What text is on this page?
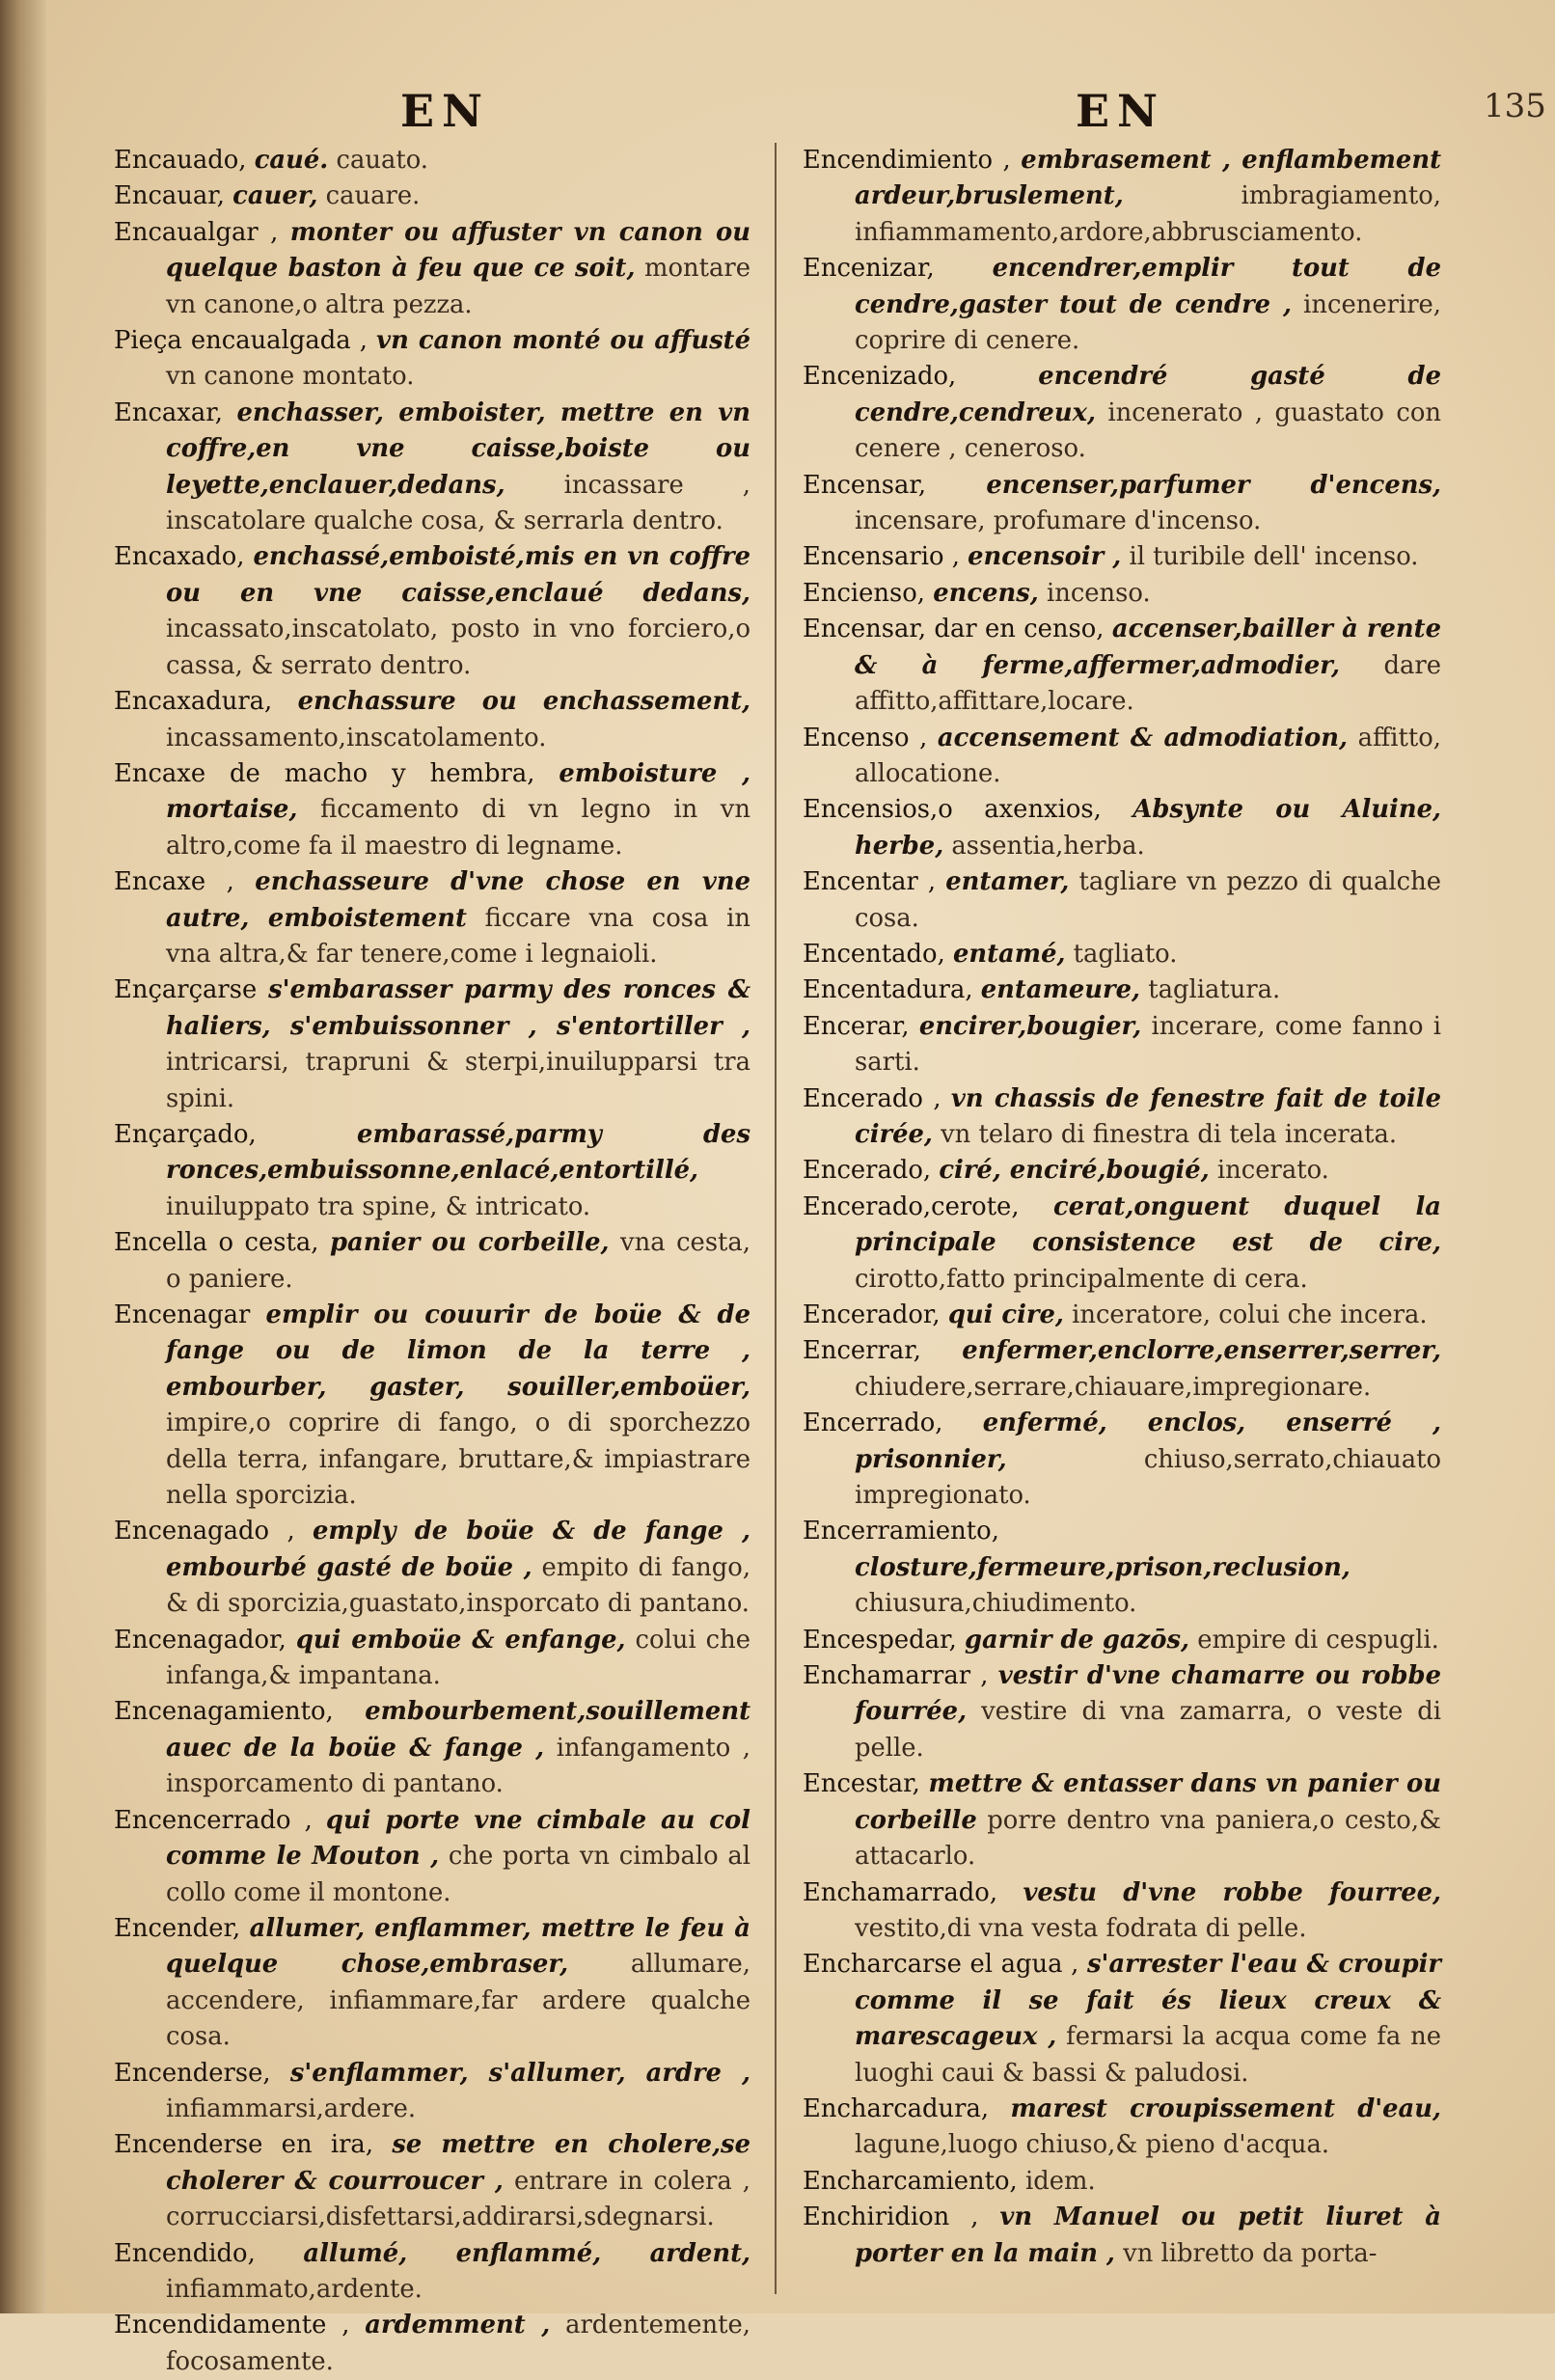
EN	EN	135

Encauado, caué. cauato.

Encauar, cauer, cauare.

Encaualgar , monter ou affuster vn canon ou quelque baston à feu que ce soit, montare vn canone,o altra pezza.

Pieça encaualgada , vn canon monté ou affusté vn canone montato.

Encaxar, enchasser, emboister, mettre en vn coffre,en vne caisse,boiste ou leyette,enclauer,dedans, incassare , inscatolare qualche cosa, & serrarla dentro.

Encaxado, enchassé,emboisté,mis en vn coffre ou en vne caisse,enclaué dedans, incassato,inscatolato, posto in vno forciero,o cassa, & serrato dentro.

Encaxadura, enchassure ou enchassement, incassamento,inscatolamento.

Encaxe de macho y hembra, emboisture , mortaise, ficcamento di vn legno in vn altro,come fa il maestro di legname.

Encaxe , enchasseure d'vne chose en vne autre, emboistement ficcare vna cosa in vna altra,& far tenere,come i legnaioli.

Ençarçarse s'embarasser parmy des ronces & haliers, s'embuissonner , s'entortiller , intricarsi, trapruni & sterpi,inuilupparsi tra spini.

Ençarçado,	embarassé,parmy des ronces,embuissonne,enlacé,entortillé, inuiluppato tra spine, & intricato.

Encella o cesta, panier ou corbeille, vna cesta, o paniere.

Encenagar emplir ou couurir de boüe & de fange ou de limon de la terre , embourber, gaster, souiller,emboüer, impire,o coprire di fango, o di sporchezzo della terra, infangare, bruttare,& impiastrare nella sporcizia.

Encenagado , emply de boüe & de fange , embourbé gasté de boüe , empito di fango, & di sporcizia,guastato,insporcato di pantano.

Encenagador, qui emboüe & enfange, colui che infanga,& impantana.

Encenagamiento, embourbement,souillement auec de la boüe & fange , infangamento , insporcamento di pantano.

Encencerrado , qui porte vne cimbale au col comme le Mouton , che porta vn cimbalo al collo come il montone.

Encender, allumer, enflammer, mettre le feu à quelque chose,embraser,	allumare, accendere, infiammare,far ardere qualche cosa.

Encenderse, s'enflammer, s'allumer, ardre , infiammarsi,ardere.

Encenderse en ira, se mettre en cholere,se cholerer & courroucer , entrare in colera , corrucciarsi,disfettarsi,addirarsi,sdegnarsi.

Encendido, allumé, enflammé, ardent, infiammato,ardente.

Encendidamente , ardemment , ardentemente, focosamente.

Encendimiento , embrasement , enflambement ardeur,bruslement,	imbragiamento, infiammamento,ardore,abbrusciamento.

Encenizar, encendrer,emplir tout de cendre,gaster tout de cendre , incenerire, coprire di cenere.

Encenizado,	encendré gasté de cendre,cendreux, incenerato , guastato con cenere , ceneroso.

Encensar, encenser,parfumer d'encens, incensare, profumare d'incenso.

Encensario , encensoir , il turibile dell' incenso.

Enciensо, encens, incenso.

Encensar, dar en censo, accenser,bailler à rente & à ferme,affermer,admodier, dare affitto,affittare,locare.

Encenso , accensement & admodiation, affitto, allocatione.

Encensios,o axenxios, Absynte ou Aluine, herbe, assentia,herba.

Encentar , entamer, tagliare vn pezzo di qualche cosa.

Encentado, entamé, tagliato.

Encentadura, entameure, tagliatura.

Encerar, encirer,bougier, incerare, come fanno i sarti.

Encerado , vn chassis de fenestre fait de toile cirée, vn telaro di finestra di tela incerata.

Encerado, ciré, enciré,bougié, incerato.

Encerado,cerote, cerat,onguent duquel la principale consistence est de cire, cirotto,fatto principalmente di cera.

Encerador, qui cire, inceratore, colui che incera.

Encerrar, enfermer,enclorre,enserrer,serrer, chiudere,serrare,chiauare,impregionare.

Encerrado, enfermé, enclos, enserré , prisonnier,	chiuso,serrato,chiauato impregionato.

Encerramiento, closture,fermeure,prison,reclusion, chiusura,chiudimento.

Encespedar, garnir de gazōs, empire di cespugli.

Enchamarrar , vestir d'vne chamarre ou robbe fourrée, vestire di vna zamarra, o veste di pelle.

Encestar, mettre & entasser dans vn panier ou corbeille porre dentro vna paniera,o cesto,& attacarlo.

Enchamarrado, vestu d'vne robbe fourree, vestito,di vna vesta fodrata di pelle.

Encharcarse el agua , s'arrester l'eau & croupir comme il se fait és lieux creux & marescageux , fermarsi la acqua come fa ne luoghi caui & bassi & paludosi.

Encharcadura, marest croupissement d'eau, lagune,luogo chiuso,& pieno d'acqua.

Encharcamiento, idem.

Enchiridion , vn Manuel ou petit liuret à porter en la main , vn libretto da porta-
